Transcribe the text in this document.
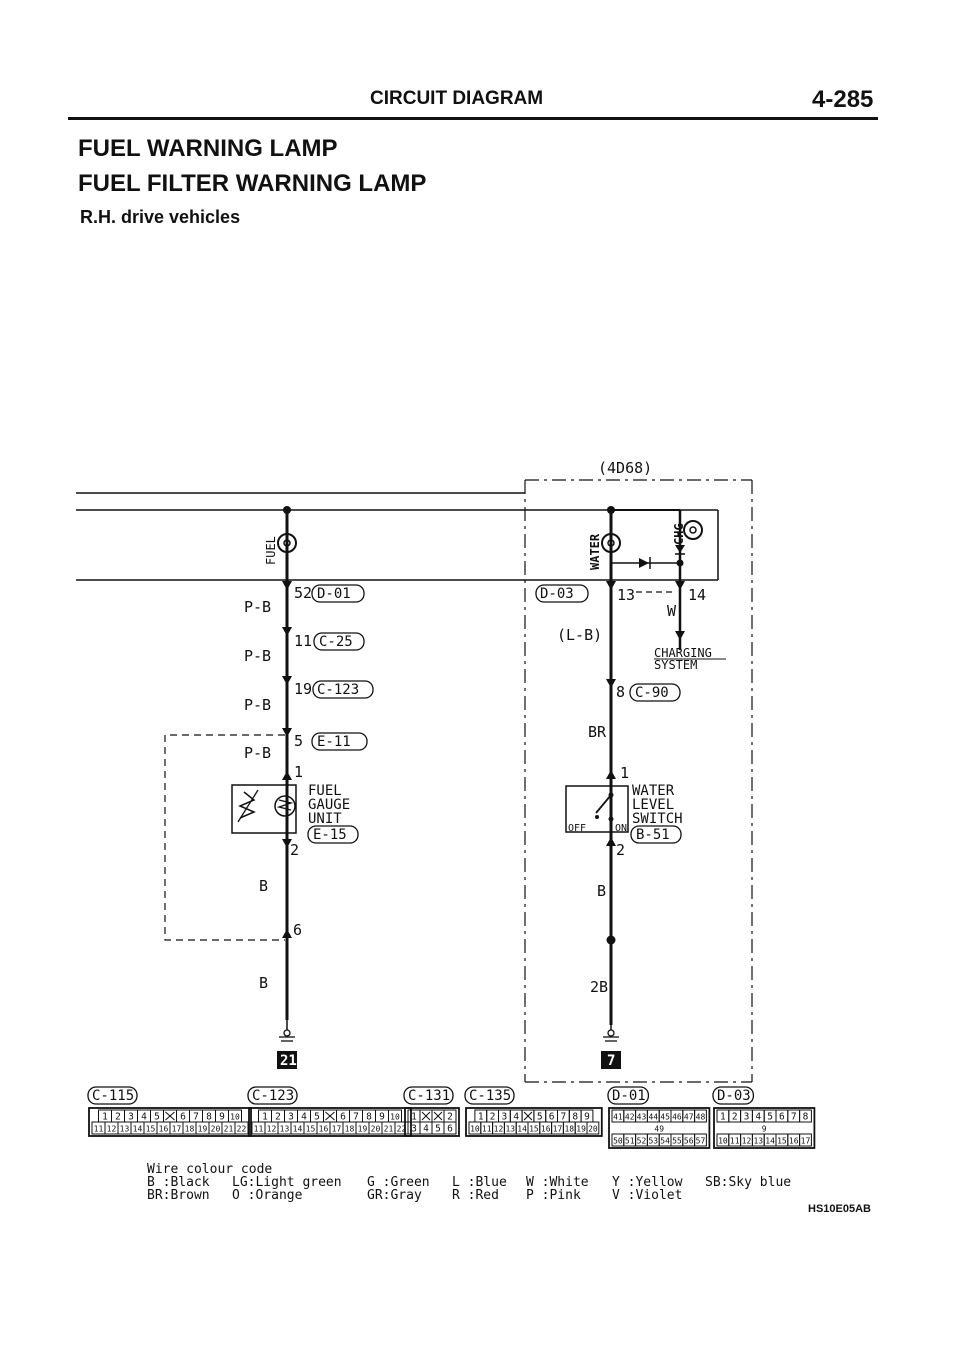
CIRCUIT DIAGRAM	4-285
FUEL WARNING LAMP
FUEL FILTER WARNING LAMP
R.H. drive vehicles
(4D68)
FUEL
52 D-01
P-B
11 C-25
P-B
19 C-123
P-B
5 E-11
P-B
1
FUEL
GAUGE
UNIT
E-15
2
B
6
B
21
WATER	CHG
D-03	13	14
W
CHARGING
SYSTEM
(L-B)
8 C-90
BR
1
OFF	ON
WATER
LEVEL
SWITCH
B-51
2
B
2B
7
C-115
1 2 3 4 5 6 7 8 9 10
11 12 13 14 15 16 17 18 19 20 21 22
C-123
1 2 3 4 5 6 7 8 9 10
11 12 13 14 15 16 17 18 19 20 21 22
C-131
1	2
3 4 5 6
C-135
1 2 3 4 5 6 7 8 9
10 11 12 13 14 15 16 17 18 19 20
D-01
41 42 43 44 45 46 47 48
49
50 51 52 53 54 55 56 57
D-03
1 2 3 4 5 6 7 8
9
10 11 12 13 14 15 16 17
Wire colour code
B :Black LG:Light green G :Green L :Blue W :White Y :Yellow SB:Sky blue
BR:Brown O :Orange	GR:Gray R :Red P :Pink V :Violet
HS10E05AB
